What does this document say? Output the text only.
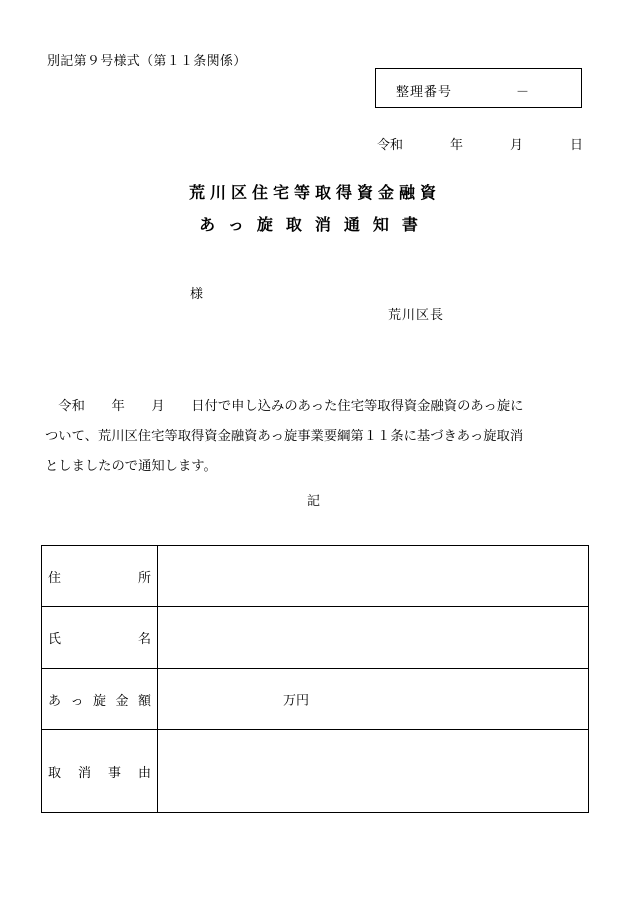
別記第９号様式（第１１条関係）
整理番号	－
令和	年	月	日
荒川区住宅等取得資金融資
あっ旋取消通知書
様
荒川区長

　令和　　年　　月　　日付で申し込みのあった住宅等取得資金融資のあっ旋に

ついて、荒川区住宅等取得資金融資あっ旋事業要綱第１１条に基づきあっ旋取消

としましたので通知します。

記
住 所	

氏 名	

あ っ 旋 金 額	万円

取 消 事 由	
